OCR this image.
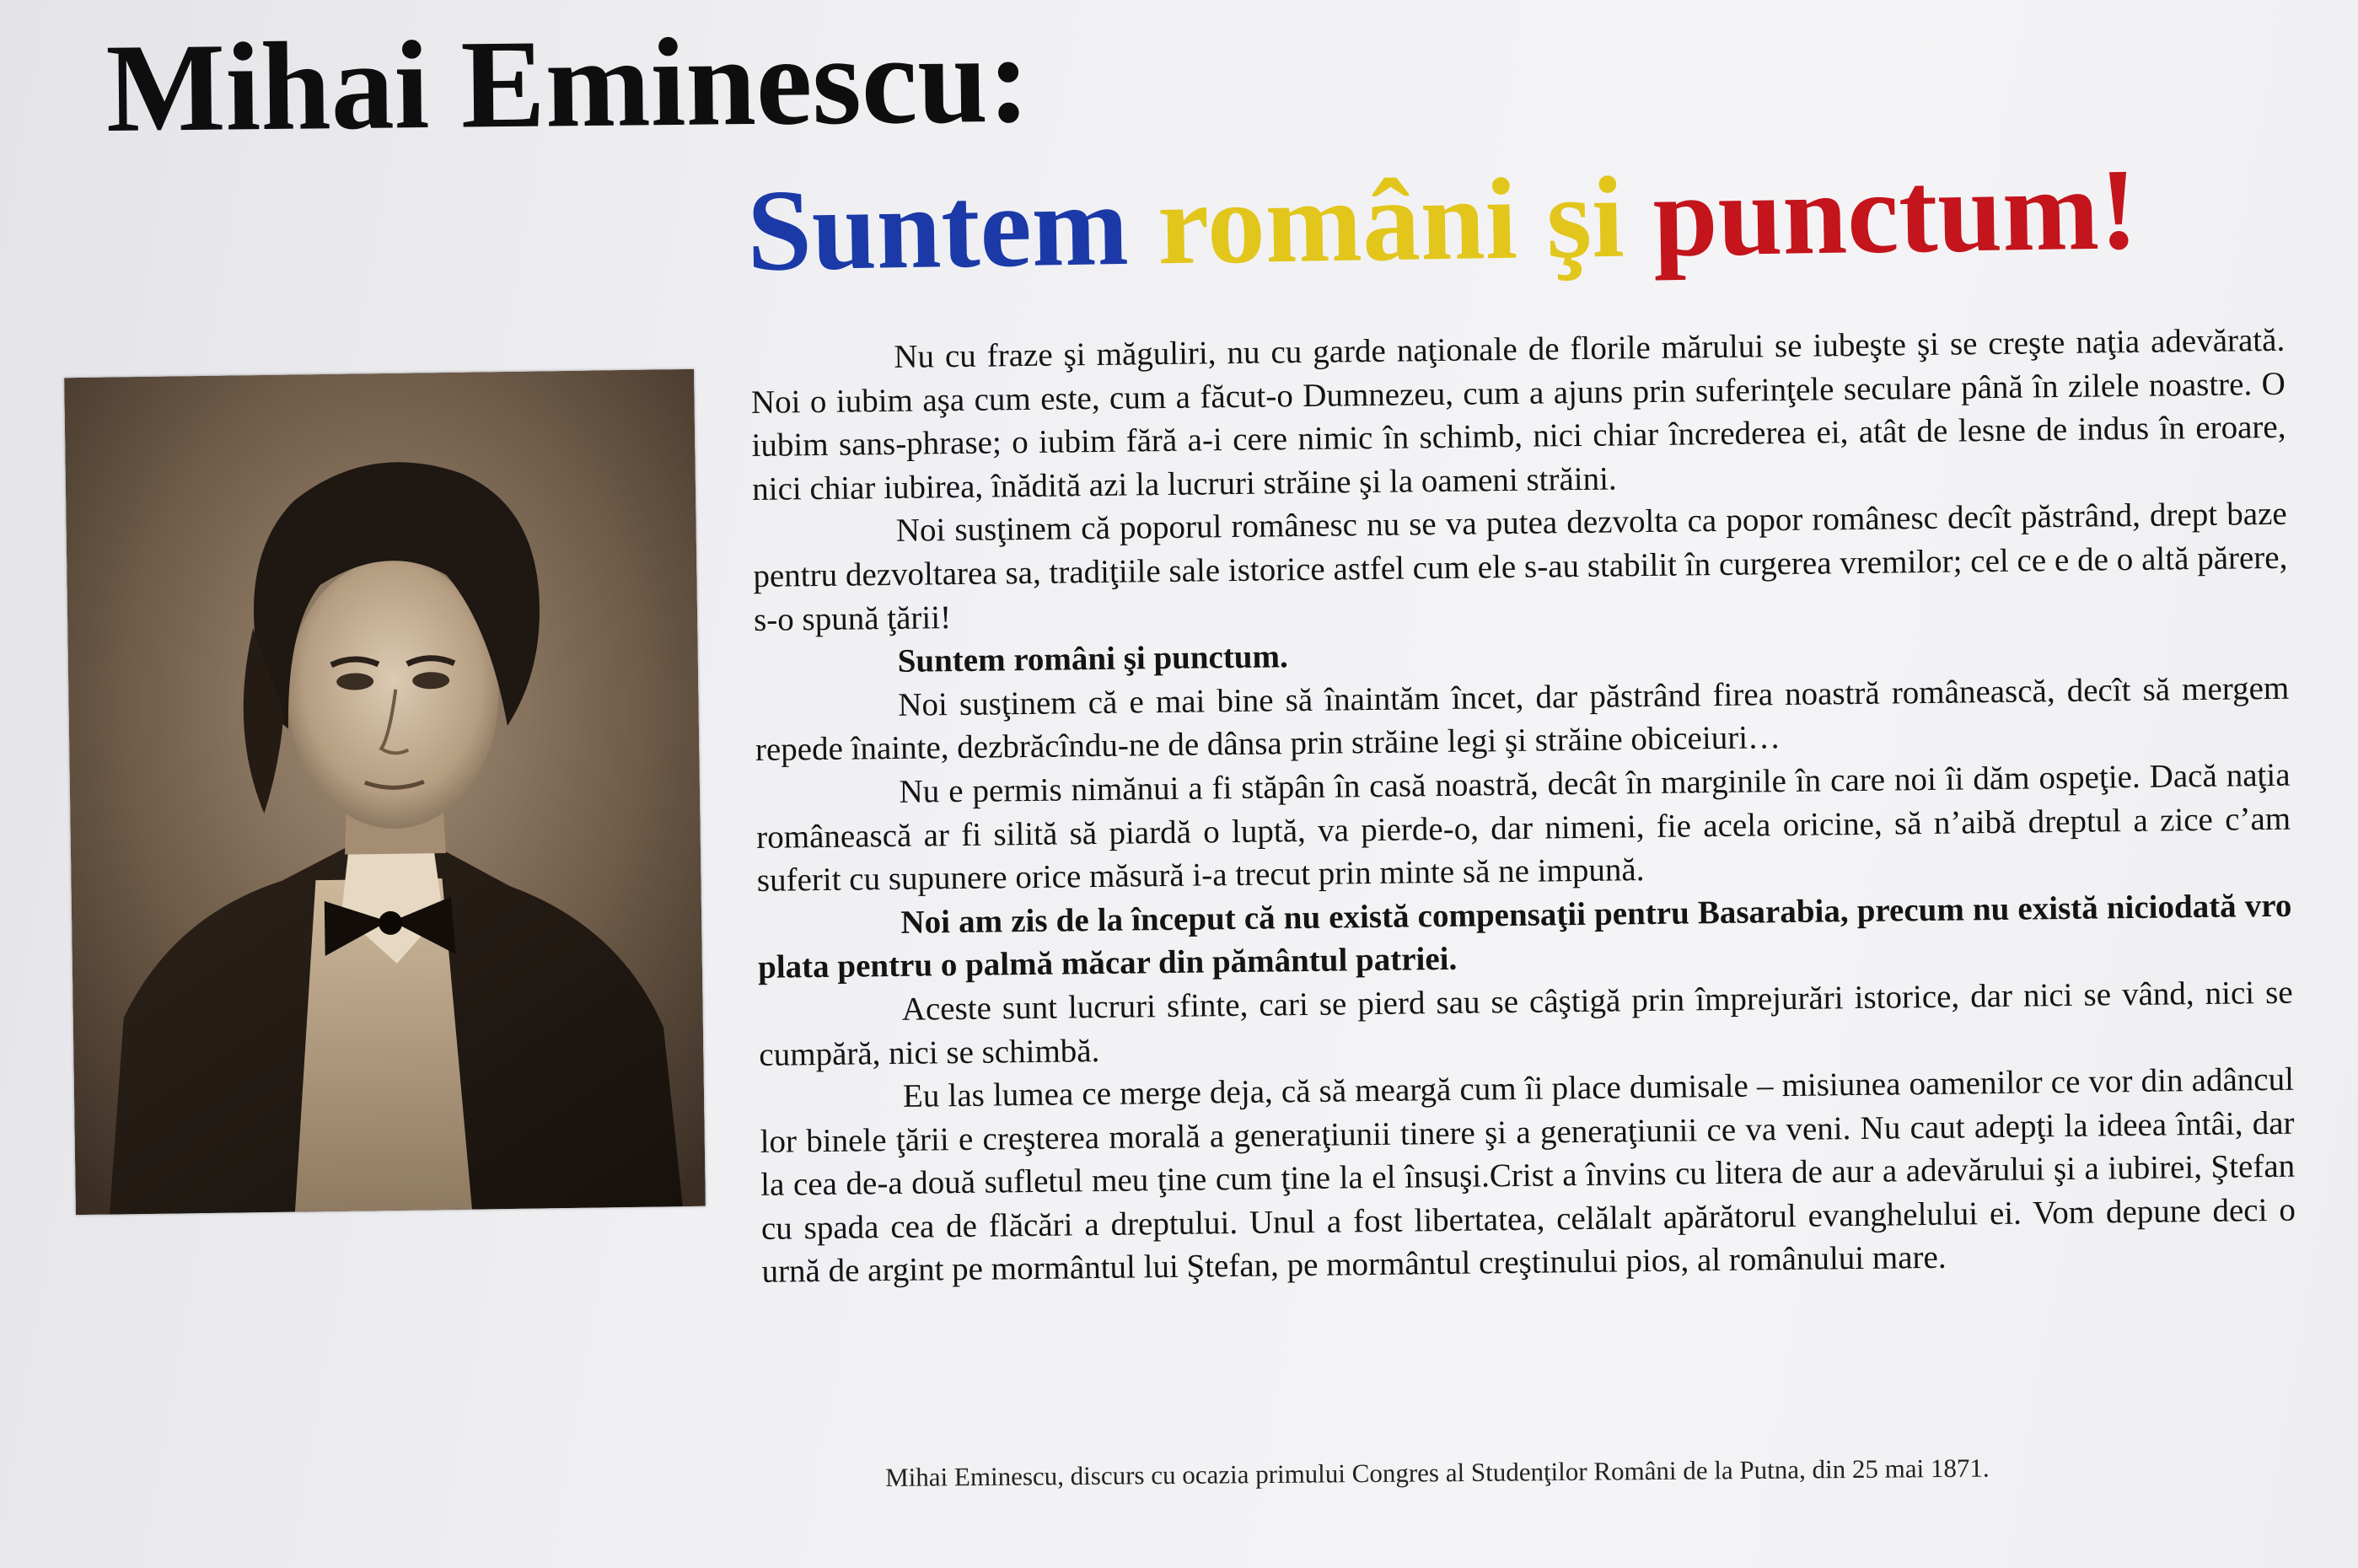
Mihai Eminescu:
Suntem români şi punctum!

Nu cu fraze şi măguliri, nu cu garde naţionale de florile mărului se iubeşte şi se creşte naţia adevărată. Noi o iubim aşa cum este, cum a făcut-o Dumnezeu, cum a ajuns prin suferinţele seculare până în zilele noastre. O iubim sans-phrase; o iubim fără a-i cere nimic în schimb, nici chiar încrederea ei, atât de lesne de indus în eroare, nici chiar iubirea, înădită azi la lucruri străine şi la oameni străini.

Noi susţinem că poporul românesc nu se va putea dezvolta ca popor românesc decît păstrând, drept baze pentru dezvoltarea sa, tradiţiile sale istorice astfel cum ele s-au stabilit în curgerea vremilor; cel ce e de o altă părere, s-o spună ţării!

Suntem români şi punctum.

Noi susţinem că e mai bine să înaintăm încet, dar păstrând firea noastră românească, decît să mergem repede înainte, dezbrăcîndu-ne de dânsa prin străine legi şi străine obiceiuri…

Nu e permis nimănui a fi stăpân în casă noastră, decât în marginile în care noi îi dăm ospeţie. Dacă naţia românească ar fi silită să piardă o luptă, va pierde-o, dar nimeni, fie acela oricine, să n’aibă dreptul a zice c’am suferit cu supunere orice măsură i-a trecut prin minte să ne impună.

Noi am zis de la început că nu există compensaţii pentru Basarabia, precum nu există niciodată vro plata pentru o palmă măcar din pământul patriei.

Aceste sunt lucruri sfinte, cari se pierd sau se câştigă prin împrejurări istorice, dar nici se vând, nici se cumpără, nici se schimbă.

Eu las lumea ce merge deja, că să meargă cum îi place dumisale – misiunea oamenilor ce vor din adâncul lor binele ţării e creşterea morală a generaţiunii tinere şi a generaţiunii ce va veni. Nu caut adepţi la ideea întâi, dar la cea de-a două sufletul meu ţine cum ţine la el însuşi.Crist a învins cu litera de aur a adevărului şi a iubirei, Ştefan cu spada cea de flăcări a dreptului. Unul a fost libertatea, celălalt apărătorul evanghelului ei. Vom depune deci o urnă de argint pe mormântul lui Ştefan, pe mormântul creştinului pios, al românului mare.

Mihai Eminescu, discurs cu ocazia primului Congres al Studenţilor Români de la Putna, din 25 mai 1871.
